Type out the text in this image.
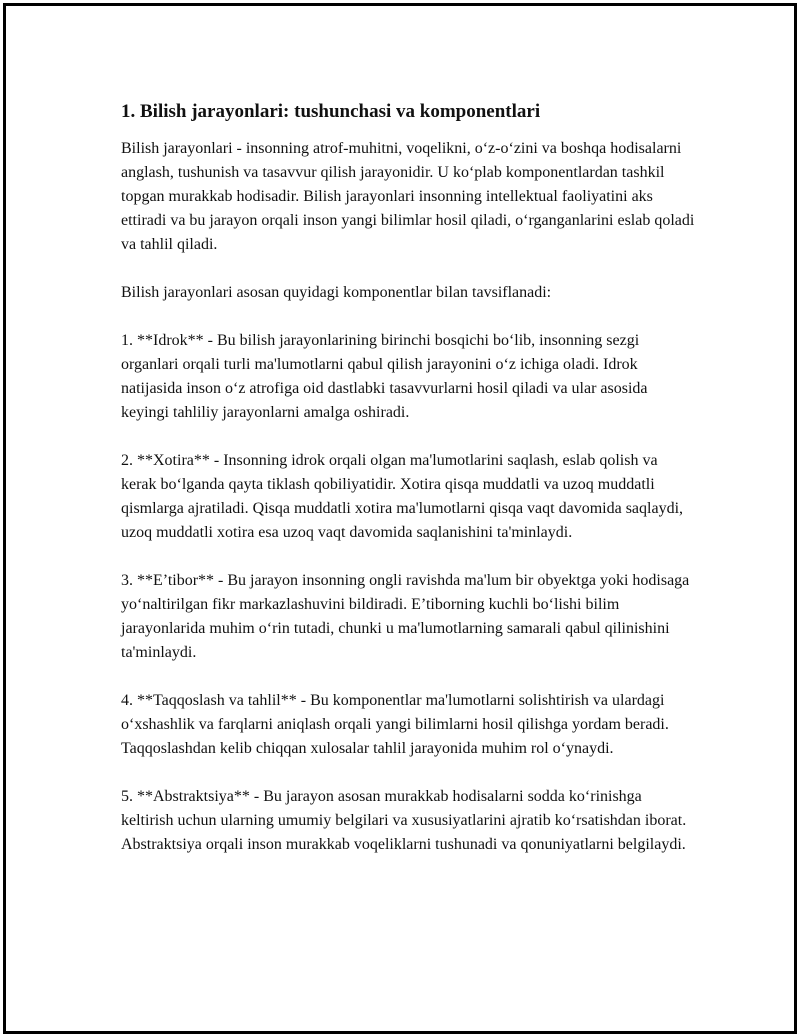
1. Bilish jarayonlari: tushunchasi va komponentlari

Bilish jarayonlari - insonning atrof-muhitni, voqelikni, o‘z-o‘zini va boshqa hodisalarni anglash, tushunish va tasavvur qilish jarayonidir. U ko‘plab komponentlardan tashkil topgan murakkab hodisadir. Bilish jarayonlari insonning intellektual faoliyatini aks ettiradi va bu jarayon orqali inson yangi bilimlar hosil qiladi, o‘rganganlarini eslab qoladi va tahlil qiladi.

Bilish jarayonlari asosan quyidagi komponentlar bilan tavsiflanadi:

1. **Idrok** - Bu bilish jarayonlarining birinchi bosqichi bo‘lib, insonning sezgi organlari orqali turli ma'lumotlarni qabul qilish jarayonini o‘z ichiga oladi. Idrok natijasida inson o‘z atrofiga oid dastlabki tasavvurlarni hosil qiladi va ular asosida keyingi tahliliy jarayonlarni amalga oshiradi.

2. **Xotira** - Insonning idrok orqali olgan ma'lumotlarini saqlash, eslab qolish va kerak bo‘lganda qayta tiklash qobiliyatidir. Xotira qisqa muddatli va uzoq muddatli qismlarga ajratiladi. Qisqa muddatli xotira ma'lumotlarni qisqa vaqt davomida saqlaydi, uzoq muddatli xotira esa uzoq vaqt davomida saqlanishini ta'minlaydi.

3. **E’tibor** - Bu jarayon insonning ongli ravishda ma'lum bir obyektga yoki hodisaga yo‘naltirilgan fikr markazlashuvini bildiradi. E’tiborning kuchli bo‘lishi bilim jarayonlarida muhim o‘rin tutadi, chunki u ma'lumotlarning samarali qabul qilinishini ta'minlaydi.

4. **Taqqoslash va tahlil** - Bu komponentlar ma'lumotlarni solishtirish va ulardagi o‘xshashlik va farqlarni aniqlash orqali yangi bilimlarni hosil qilishga yordam beradi. Taqqoslashdan kelib chiqqan xulosalar tahlil jarayonida muhim rol o‘ynaydi.

5. **Abstraktsiya** - Bu jarayon asosan murakkab hodisalarni sodda ko‘rinishga keltirish uchun ularning umumiy belgilari va xususiyatlarini ajratib ko‘rsatishdan iborat. Abstraktsiya orqali inson murakkab voqeliklarni tushunadi va qonuniyatlarni belgilaydi.
